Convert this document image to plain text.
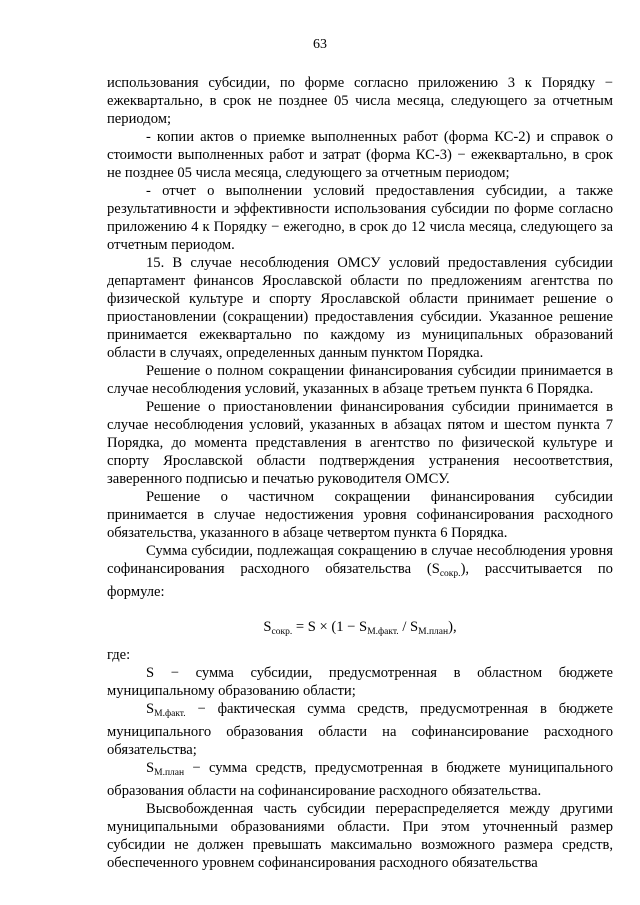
63

использования субсидии, по форме согласно приложению 3 к Порядку − ежеквартально, в срок не позднее 05 числа месяца, следующего за отчетным периодом;

- копии актов о приемке выполненных работ (форма КС-2) и справок о стоимости выполненных работ и затрат (форма КС-3) − ежеквартально, в срок не позднее 05 числа месяца, следующего за отчетным периодом;

- отчет о выполнении условий предоставления субсидии, а также результативности и эффективности использования субсидии по форме согласно приложению 4 к Порядку − ежегодно, в срок до 12 числа месяца, следующего за отчетным периодом.

15. В случае несоблюдения ОМСУ условий предоставления субсидии департамент финансов Ярославской области по предложениям агентства по физической культуре и спорту Ярославской области принимает решение о приостановлении (сокращении) предоставления субсидии. Указанное решение принимается ежеквартально по каждому из муниципальных образований области в случаях, определенных данным пунктом Порядка.

Решение о полном сокращении финансирования субсидии принимается в случае несоблюдения условий, указанных в абзаце третьем пункта 6 Порядка.

Решение о приостановлении финансирования субсидии принимается в случае несоблюдения условий, указанных в абзацах пятом и шестом пункта 7 Порядка, до момента представления в агентство по физической культуре и спорту Ярославской области подтверждения устранения несоответствия, заверенного подписью и печатью руководителя ОМСУ.

Решение о частичном сокращении финансирования субсидии принимается в случае недостижения уровня софинансирования расходного обязательства, указанного в абзаце четвертом пункта 6 Порядка.

Сумма субсидии, подлежащая сокращению в случае несоблюдения уровня софинансирования расходного обязательства $(S_{сокр.})$, рассчитывается по формуле:

$S_{сокр.} = S \times (1 - S_{М.факт.} / S_{М.план})$,

где:

S − сумма субсидии, предусмотренная в областном бюджете муниципальному образованию области;

$S_{М.факт.}$ − фактическая сумма средств, предусмотренная в бюджете муниципального образования области на софинансирование расходного обязательства;

$S_{М.план}$ − сумма средств, предусмотренная в бюджете муниципального образования области на софинансирование расходного обязательства.

Высвобожденная часть субсидии перераспределяется между другими муниципальными образованиями области. При этом уточненный размер субсидии не должен превышать максимально возможного размера средств, обеспеченного уровнем софинансирования расходного обязательства
